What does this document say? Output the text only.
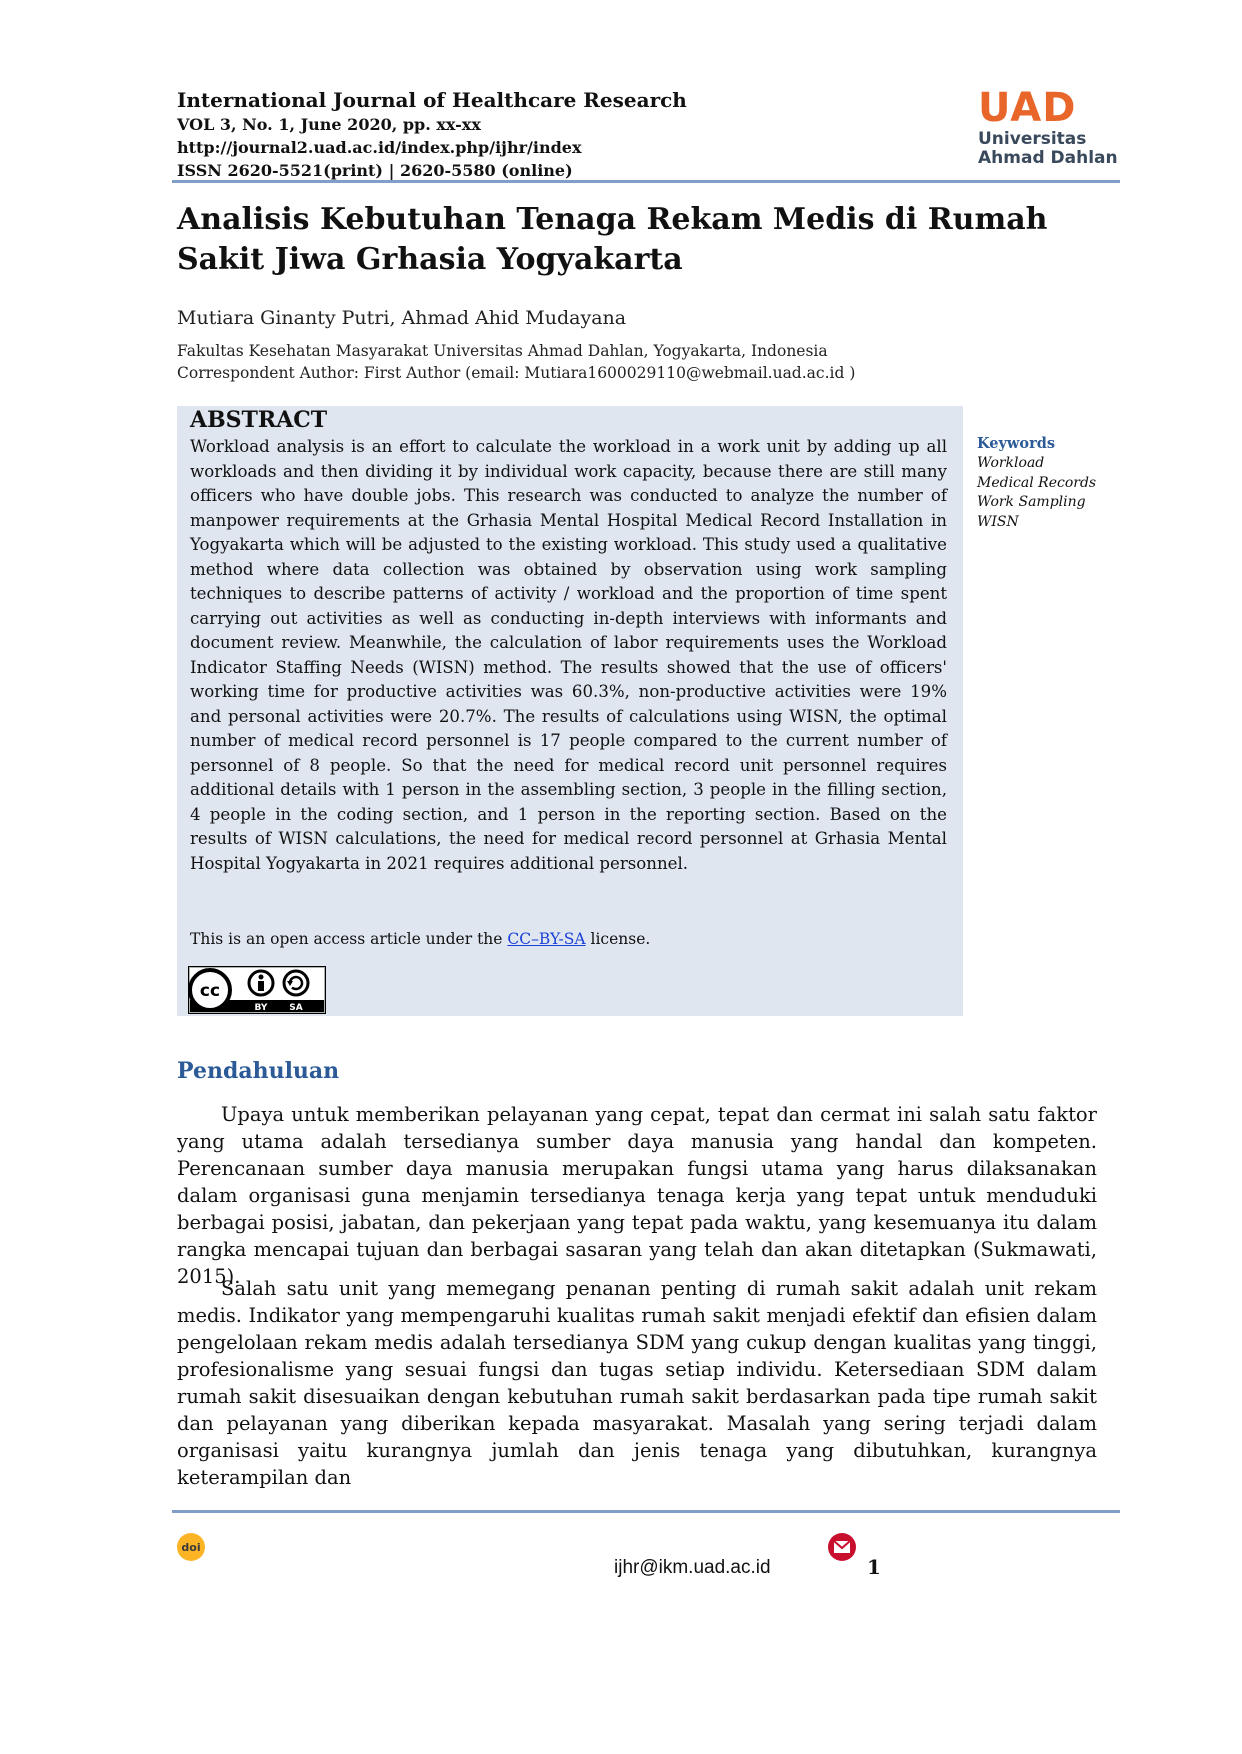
International Journal of Healthcare Research
VOL 3, No. 1, June 2020, pp. xx-xx
http://journal2.uad.ac.id/index.php/ijhr/index
ISSN 2620-5521(print) | 2620-5580 (online)
UAD
Universitas
Ahmad Dahlan
Analisis Kebutuhan Tenaga Rekam Medis di Rumah Sakit Jiwa Grhasia Yogyakarta
Mutiara Ginanty Putri, Ahmad Ahid Mudayana
Fakultas Kesehatan Masyarakat Universitas Ahmad Dahlan, Yogyakarta, Indonesia
Correspondent Author: First Author (email: Mutiara1600029110@webmail.uad.ac.id )
ABSTRACT

Workload analysis is an effort to calculate the workload in a work unit by adding up all workloads and then dividing it by individual work capacity, because there are still many officers who have double jobs. This research was conducted to analyze the number of manpower requirements at the Grhasia Mental Hospital Medical Record Installation in Yogyakarta which will be adjusted to the existing workload. This study used a qualitative method where data collection was obtained by observation using work sampling techniques to describe patterns of activity / workload and the proportion of time spent carrying out activities as well as conducting in-depth interviews with informants and document review. Meanwhile, the calculation of labor requirements uses the Workload Indicator Staffing Needs (WISN) method. The results showed that the use of officers' working time for productive activities was 60.3%, non-productive activities were 19% and personal activities were 20.7%. The results of calculations using WISN, the optimal number of medical record personnel is 17 people compared to the current number of personnel of 8 people. So that the need for medical record unit personnel requires additional details with 1 person in the assembling section, 3 people in the filling section, 4 people in the coding section, and 1 person in the reporting section. Based on the results of WISN calculations, the need for medical record personnel at Grhasia Mental Hospital Yogyakarta in 2021 requires additional personnel.

This is an open access article under the CC–BY-SA license.
cc
BY SA
Keywords
Workload
Medical Records
Work Sampling
WISN
Pendahuluan

Upaya untuk memberikan pelayanan yang cepat, tepat dan cermat ini salah satu faktor yang utama adalah tersedianya sumber daya manusia yang handal dan kompeten. Perencanaan sumber daya manusia merupakan fungsi utama yang harus dilaksanakan dalam organisasi guna menjamin tersedianya tenaga kerja yang tepat untuk menduduki berbagai posisi, jabatan, dan pekerjaan yang tepat pada waktu, yang kesemuanya itu dalam rangka mencapai tujuan dan berbagai sasaran yang telah dan akan ditetapkan (Sukmawati, 2015).

Salah satu unit yang memegang penanan penting di rumah sakit adalah unit rekam medis. Indikator yang mempengaruhi kualitas rumah sakit menjadi efektif dan efisien dalam pengelolaan rekam medis adalah tersedianya SDM yang cukup dengan kualitas yang tinggi, profesionalisme yang sesuai fungsi dan tugas setiap individu. Ketersediaan SDM dalam rumah sakit disesuaikan dengan kebutuhan rumah sakit berdasarkan pada tipe rumah sakit dan pelayanan yang diberikan kepada masyarakat. Masalah yang sering terjadi dalam organisasi yaitu kurangnya jumlah dan jenis tenaga yang dibutuhkan, kurangnya keterampilan dan

doi
ijhr@ikm.uad.ac.id	1
